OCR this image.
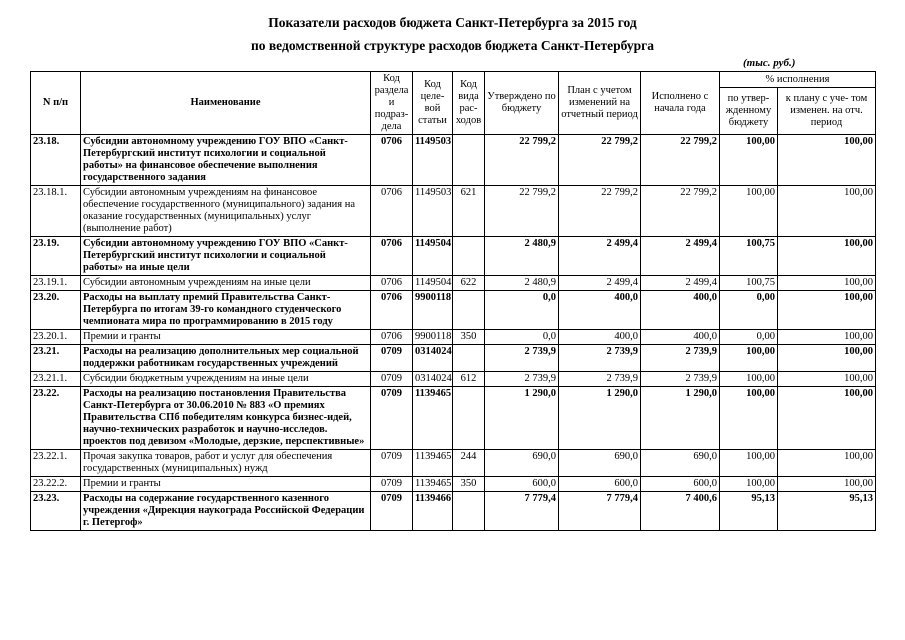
Показатели расходов бюджета Санкт-Петербурга за 2015 год
по ведомственной структуре расходов бюджета Санкт-Петербурга
(тыс. руб.)
N п/п	Наименование	Код раздела и подраз- дела	Код целе- вой статьи	Код вида рас- ходов	Утверждено по бюджету	План с учетом изменений на отчетный период	Исполнено с начала года	% исполнения	
								по утвер- жденному бюджету	к плану с уче- том изменен. на отч. период
23.18.	Субсидии автономному учреждению ГОУ ВПО «Санкт-Петербургский институт психологии и социальной работы» на финансовое обеспечение выполнения государственного задания	0706	1149503		22 799,2	22 799,2	22 799,2	100,00	100,00
23.18.1.	Субсидии автономным учреждениям на финансовое обеспечение государственного (муниципального) задания на оказание государственных (муниципальных) услуг (выполнение работ)	0706	1149503	621	22 799,2	22 799,2	22 799,2	100,00	100,00
23.19.	Субсидии автономному учреждению ГОУ ВПО «Санкт-Петербургский институт психологии и социальной работы» на иные цели	0706	1149504		2 480,9	2 499,4	2 499,4	100,75	100,00
23.19.1.	Субсидии автономным учреждениям на иные цели	0706	1149504	622	2 480,9	2 499,4	2 499,4	100,75	100,00
23.20.	Расходы на выплату премий Правительства Санкт-Петербурга по итогам 39-го командного студенческого чемпионата мира по программированию в 2015 году	0706	9900118		0,0	400,0	400,0	0,00	100,00
23.20.1.	Премии и гранты	0706	9900118	350	0,0	400,0	400,0	0,00	100,00
23.21.	Расходы на реализацию дополнительных мер социальной поддержки работникам государственных учреждений	0709	0314024		2 739,9	2 739,9	2 739,9	100,00	100,00
23.21.1.	Субсидии бюджетным учреждениям на иные цели	0709	0314024	612	2 739,9	2 739,9	2 739,9	100,00	100,00
23.22.	Расходы на реализацию постановления Правительства Санкт-Петербурга от 30.06.2010 № 883 «О премиях Правительства СПб победителям конкурса бизнес-идей, научно-технических разработок и научно-исследов. проектов под девизом «Молодые, дерзкие, перспективные»	0709	1139465		1 290,0	1 290,0	1 290,0	100,00	100,00
23.22.1.	Прочая закупка товаров, работ и услуг для обеспечения государственных (муниципальных) нужд	0709	1139465	244	690,0	690,0	690,0	100,00	100,00
23.22.2.	Премии и гранты	0709	1139465	350	600,0	600,0	600,0	100,00	100,00
23.23.	Расходы на содержание государственного казенного учреждения «Дирекция наукограда Российской Федерации г. Петергоф»	0709	1139466		7 779,4	7 779,4	7 400,6	95,13	95,13
